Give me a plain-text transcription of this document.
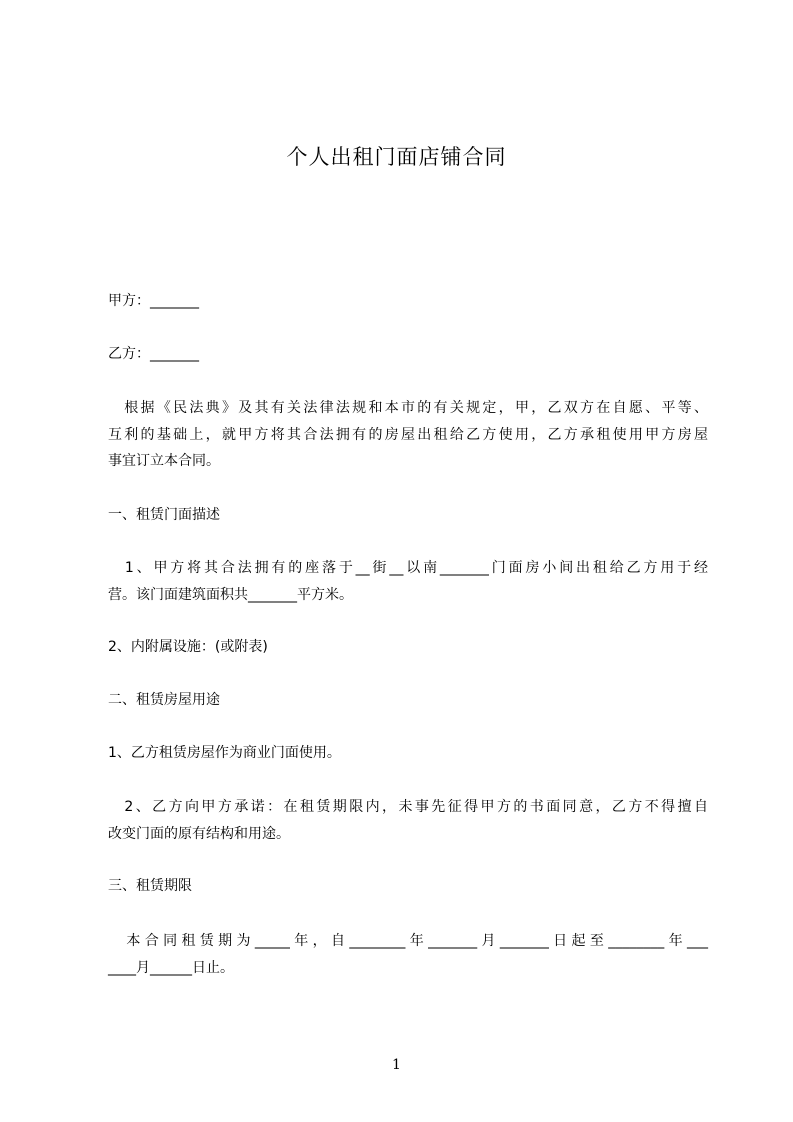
个人出租门面店铺合同
甲方：_______
乙方：_______
　根据《民法典》及其有关法律法规和本市的有关规定，甲，乙双方在自愿、平等、
互利的基础上，就甲方将其合法拥有的房屋出租给乙方使用，乙方承租使用甲方房屋
事宜订立本合同。
一、租赁门面描述
　1、甲方将其合法拥有的座落于__街__以南_______门面房小间出租给乙方用于经
营。该门面建筑面积共_______平方米。
2、内附属设施：(或附表)
二、租赁房屋用途
1、乙方租赁房屋作为商业门面使用。
　2、乙方向甲方承诺：在租赁期限内，未事先征得甲方的书面同意，乙方不得擅自
改变门面的原有结构和用途。
三、租赁期限
　本合同租赁期为_____年，自________年_______月_______日起至________年___
____月______日止。
1
